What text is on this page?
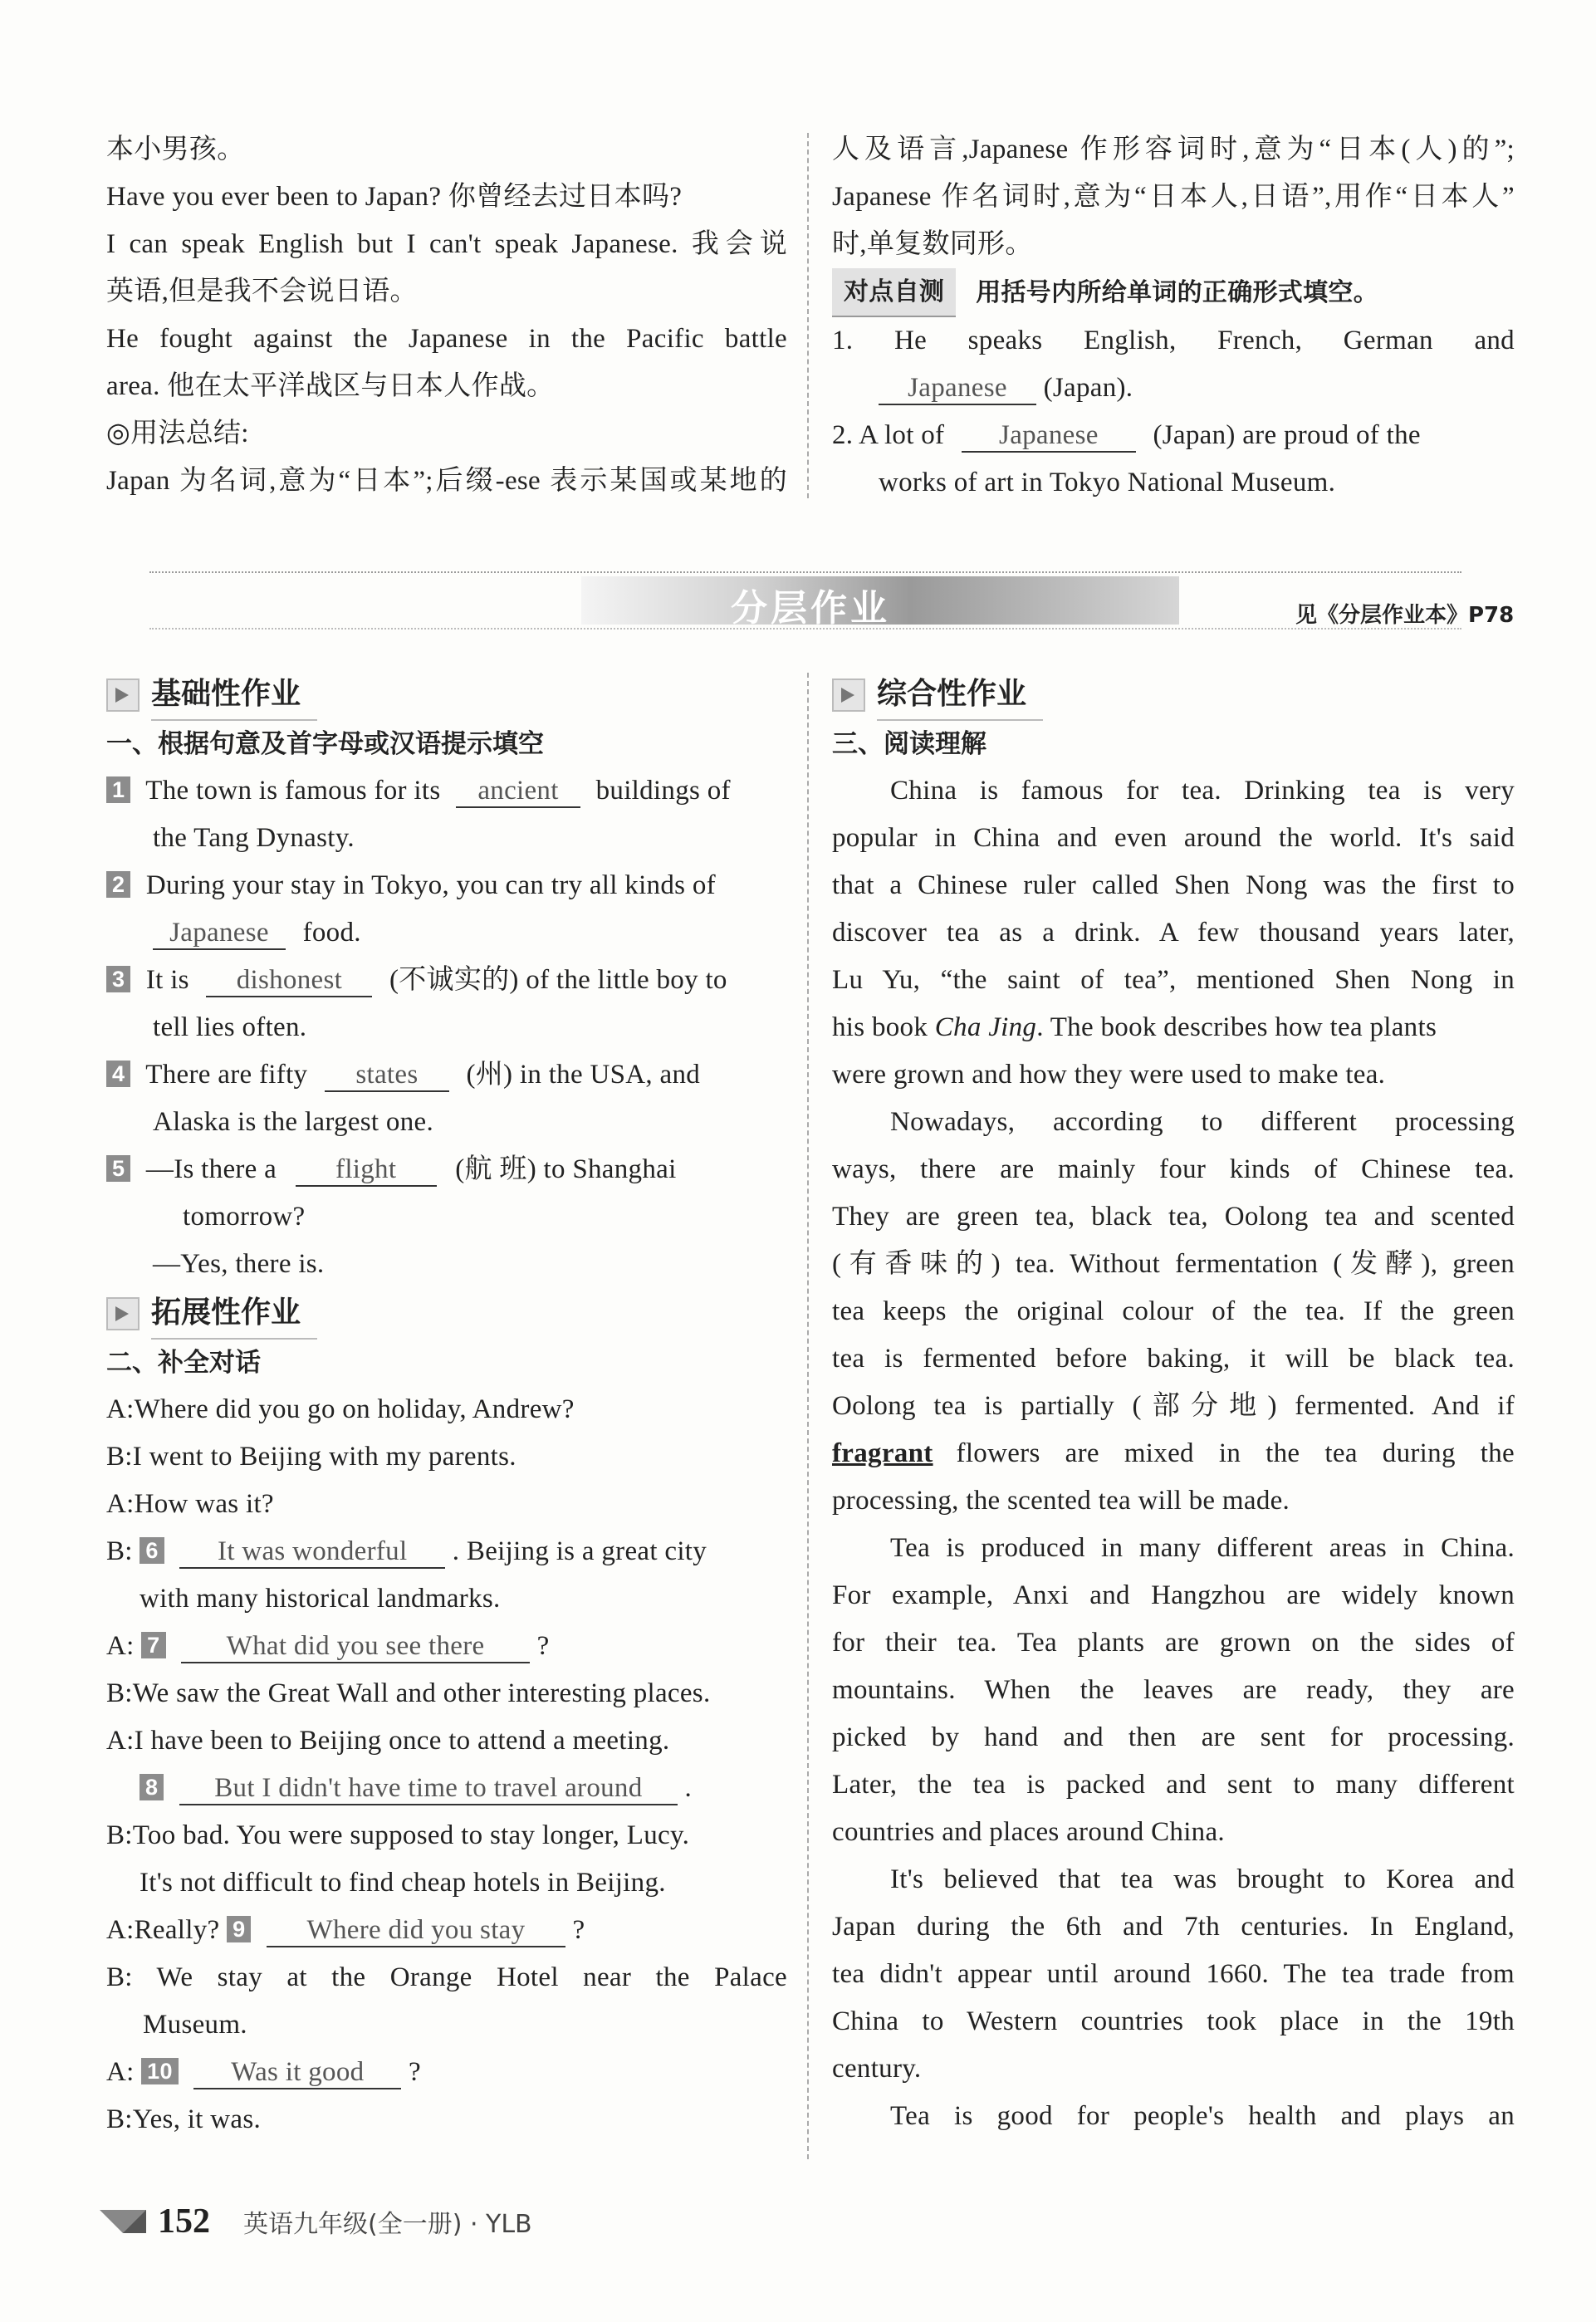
本小男孩。
Have you ever been to Japan? 你曾经去过日本吗?
I can speak English but I can't speak Japanese. 我会说
英语,但是我不会说日语。
He fought against the Japanese in the Pacific battle
area. 他在太平洋战区与日本人作战。
◎用法总结:
Japan 为名词,意为“日本”;后缀-ese 表示某国或某地的
人及语言,Japanese 作形容词时,意为“日本(人)的”;
Japanese 作名词时,意为“日本人,日语”,用作“日本人”
时,单复数同形。
对点自测	用括号内所给单词的正确形式填空。
1. He speaks English, French, German and
Japanese (Japan).
2. A lot of Japanese (Japan) are proud of the
works of art in Tokyo National Museum.
分层作业	见《分层作业本》P78
基础性作业
一、根据句意及首字母或汉语提示填空
1 The town is famous for its ancient buildings of
the Tang Dynasty.
2 During your stay in Tokyo, you can try all kinds of
Japanese food.
3 It is dishonest (不诚实的) of the little boy to
tell lies often.
4 There are fifty states (州) in the USA, and
Alaska is the largest one.
5 —Is there a flight (航 班) to Shanghai
tomorrow?
—Yes, there is.
拓展性作业
二、补全对话
A:Where did you go on holiday, Andrew?
B:I went to Beijing with my parents.
A:How was it?
B: 6 It was wonderful . Beijing is a great city
with many historical landmarks.
A: 7 What did you see there ?
B:We saw the Great Wall and other interesting places.
A:I have been to Beijing once to attend a meeting.
8 But I didn't have time to travel around .
B:Too bad. You were supposed to stay longer, Lucy.
It's not difficult to find cheap hotels in Beijing.
A:Really? 9 Where did you stay ?
B: We stay at the Orange Hotel near the Palace
Museum.
A: 10 Was it good ?
B:Yes, it was.
综合性作业
三、阅读理解
China is famous for tea. Drinking tea is very
popular in China and even around the world. It's said
that a Chinese ruler called Shen Nong was the first to
discover tea as a drink. A few thousand years later,
Lu Yu, “the saint of tea”, mentioned Shen Nong in
his book Cha Jing. The book describes how tea plants
were grown and how they were used to make tea.
Nowadays, according to different processing
ways, there are mainly four kinds of Chinese tea.
They are green tea, black tea, Oolong tea and scented
(有香味的) tea. Without fermentation (发酵), green
tea keeps the original colour of the tea. If the green
tea is fermented before baking, it will be black tea.
Oolong tea is partially (部分地) fermented. And if
fragrant flowers are mixed in the tea during the
processing, the scented tea will be made.
Tea is produced in many different areas in China.
For example, Anxi and Hangzhou are widely known
for their tea. Tea plants are grown on the sides of
mountains. When the leaves are ready, they are
picked by hand and then are sent for processing.
Later, the tea is packed and sent to many different
countries and places around China.
It's believed that tea was brought to Korea and
Japan during the 6th and 7th centuries. In England,
tea didn't appear until around 1660. The tea trade from
China to Western countries took place in the 19th
century.
Tea is good for people's health and plays an
152 英语九年级(全一册) · YLB
